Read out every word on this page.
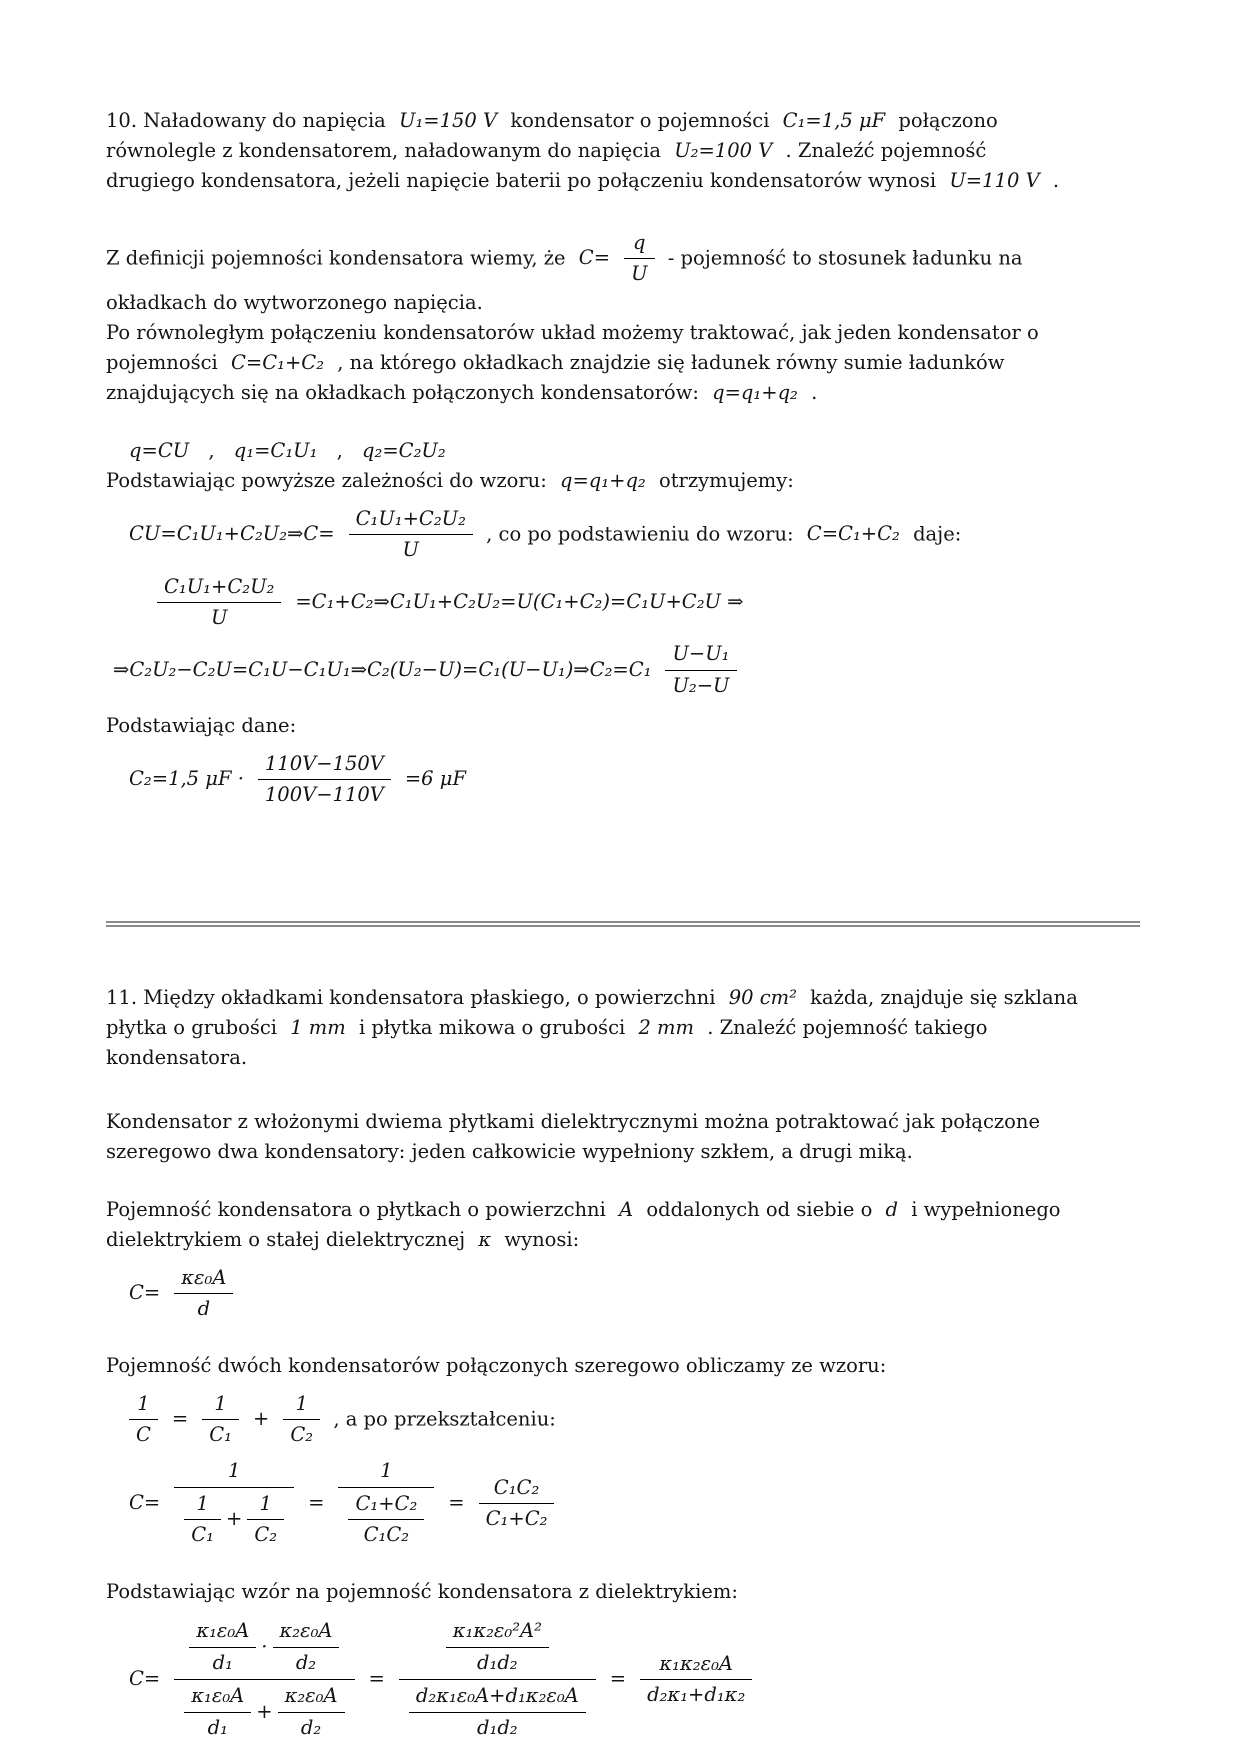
10. Naładowany do napięcia U₁=150 V kondensator o pojemności C₁=1,5 μF połączono

równolegle z kondensatorem, naładowanym do napięcia U₂=100 V . Znaleźć pojemność

drugiego kondensatora, jeżeli napięcie baterii po połączeniu kondensatorów wynosi U=110 V .

Z definicji pojemności kondensatora wiemy, że $C= \frac{q}{U}$ - pojemność to stosunek ładunku na

okładkach do wytworzonego napięcia.

Po równoległym połączeniu kondensatorów układ możemy traktować, jak jeden kondensator o

pojemności C=C₁+C₂ , na którego okładkach znajdzie się ładunek równy sumie ładunków

znajdujących się na okładkach połączonych kondensatorów: q=q₁+q₂ .

q=CU , q₁=C₁U₁ , q₂=C₂U₂

Podstawiając powyższe zależności do wzoru: q=q₁+q₂ otrzymujemy:

CU=C₁U₁+C₂U₂⇒C= $\frac{\text{C₁U₁+C₂U₂}}{U}$ , co po podstawieniu do wzoru: C=C₁+C₂ daje:

$\frac{\text{C₁U₁+C₂U₂}}{U}$ =C₁+C₂⇒C₁U₁+C₂U₂=U(C₁+C₂)=C₁U+C₂U ⇒

⇒C₂U₂−C₂U=C₁U−C₁U₁⇒C₂(U₂−U)=C₁(U−U₁)⇒C₂=C₁ $\frac{\text{U−U₁}}{\text{U₂−U}}$

Podstawiając dane:

C₂=1,5 $\mu F \cdot \frac{110V-150V}{100V-110V} =6$ μF

11. Między okładkami kondensatora płaskiego, o powierzchni 90 cm² każda, znajduje się szklana

płytka o grubości 1 mm i płytka mikowa o grubości 2 mm . Znaleźć pojemność takiego

kondensatora.

Kondensator z włożonymi dwiema płytkami dielektrycznymi można potraktować jak połączone

szeregowo dwa kondensatory: jeden całkowicie wypełniony szkłem, a drugi miką.

Pojemność kondensatora o płytkach o powierzchni A oddalonych od siebie o d i wypełnionego

dielektrykiem o stałej dielektrycznej κ wynosi:

$C= \frac{\text{κε₀A}}{d}$

Pojemność dwóch kondensatorów połączonych szeregowo obliczamy ze wzoru:

$\frac{1}{C} = \frac{1}{\text{C₁}} + \frac{1}{\text{C₂}}$ , a po przekształceniu:

$C= \frac{1}{\frac{1}{\text{C₁}} + \frac{1}{\text{C₂}}} = \frac{1}{\frac{\text{C₁+C₂}}{\text{C₁C₂}}} = \frac{\text{C₁C₂}}{\text{C₁+C₂}}$

Podstawiając wzór na pojemność kondensatora z dielektrykiem:

$C= \frac{\frac{\text{κ₁ε₀A}}{\text{d₁}} \cdot \frac{\text{κ₂ε₀A}}{\text{d₂}}}{\frac{\text{κ₁ε₀A}}{\text{d₁}} + \frac{\text{κ₂ε₀A}}{\text{d₂}}} = \frac{\frac{\text{κ₁κ₂ε₀²A²}}{\text{d₁d₂}}}{\frac{\text{d₂κ₁ε₀A+d₁κ₂ε₀A}}{\text{d₁d₂}}} = \frac{\text{κ₁κ₂ε₀A}}{\text{d₂κ₁+d₁κ₂}}$
